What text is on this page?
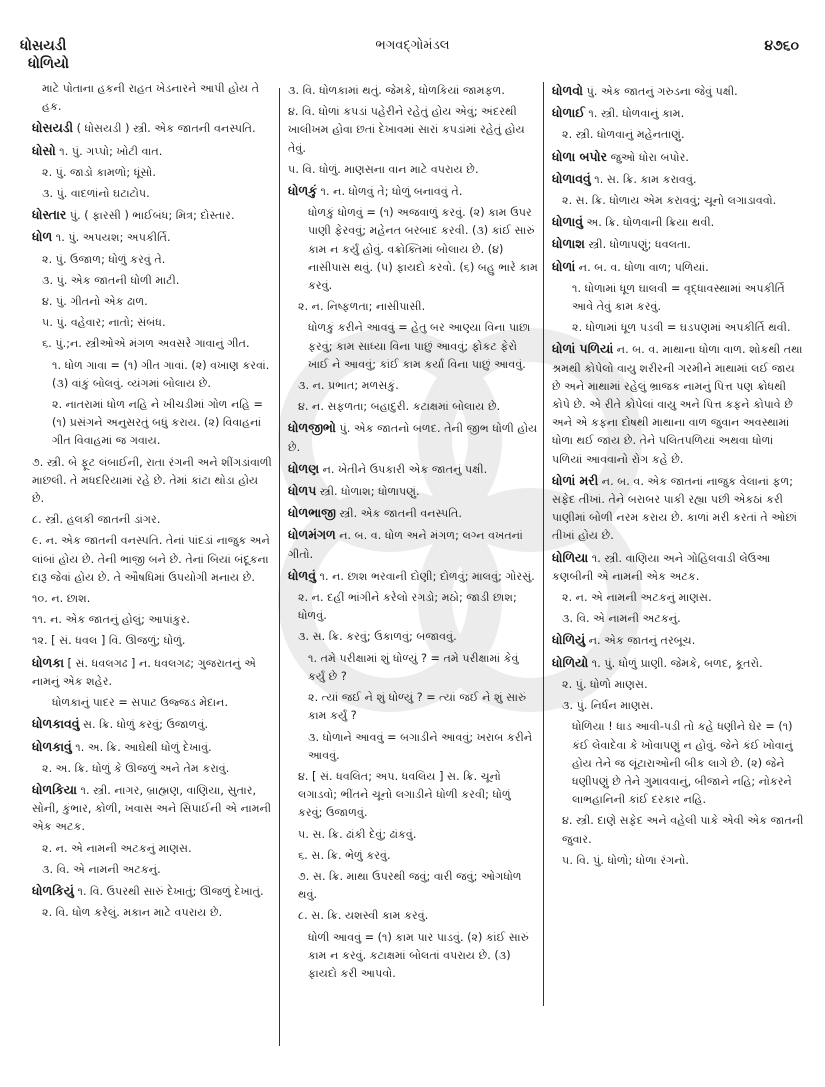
ધોસયડી	ભગવદ્ગોમંડલ	૪૭૬૦
ધોળિયો
માટે પોતાના હકની રાહત ખેડનારને આપી હોય તે હક.
ધોસયડી ( ધોસયડી ) સ્ત્રી. એક જાતની વનસ્પતિ.
ધોસો ૧. પું. ગપ્પો; ખોટી વાત.
૨. પું. જાડો કામળો; ધૂંસો.
૩. પું. વાદળાંનો ઘટાટોપ.
ધોસ્તાર પું. ( ફારસી ) ભાઈબંધ; મિત્ર; દોસ્તાર.
ધોળ ૧. પું. અપયશ; અપકીર્તિ.
૨. પું. ઉજાળ; ધોળું કરવું તે.
૩. પું. એક જાતની ધોળી માટી.
૪. પું. ગીતનો એક ઢાળ.
૫. પું. વહેવાર; નાતો; સંબંધ.
૬. પું.;ન. સ્ત્રીઓએ મંગળ અવસરે ગાવાનું ગીત.
૧. ધોળ ગાવા = (૧) ગીત ગાવાં. (૨) વખાણ કરવાં. (૩) વાંકું બોલવું. વ્યંગમાં બોલાય છે.
૨. નાતરામાં ધોળ નહિ ને ખીચડીમાં ગોળ નહિ = (૧) પ્રસંગને અનુસરતું બધું કરાય. (૨) વિવાહનાં ગીત વિવાહમાં જ ગવાય.
૭. સ્ત્રી. બે ફૂટ લંબાઈની, રાતા રંગની અને શીંગડાંવાળી માછલી. તે મધદરિયામાં રહે છે. તેમાં કાંટા થોડા હોય છે.
૮. સ્ત્રી. હલકી જાતની ડાંગર.
૯. ન. એક જાતની વનસ્પતિ. તેનાં પાંદડાં નાજુક અને લાંબાં હોય છે. તેની ભાજી બને છે. તેનાં બિયાં બંદૂકના દારૂ જેવાં હોય છે. તે ઔષધિમાં ઉપયોગી મનાય છે.
૧૦. ન. છાશ.
૧૧. ન. એક જાતનું હોલું; આપાંકુર.
૧૨. [ સં. ધવલ ] વિ. ઊજળું; ધોળું.
ધોળકા [ સં. ધવલગઢ ] ન. ધવલગઢ; ગુજરાતનું એ નામનું એક શહેર.
ધોળકાનું પાદર = સપાટ ઉજ્જડ મેદાન.
ધોળકાવવું સ. ક્રિ. ધોળું કરવું; ઉજાળવું.
ધોળકાવું ૧. અ. ક્રિ. આઘેથી ધોળું દેખાવું.
૨. અ. ક્રિ. ધોળું કે ઊજળું અને તેમ કરાવું.
ધોળકિયા ૧. સ્ત્રી. નાગર, બ્રાહ્મણ, વાણિયા, સુતાર, સોની, કુંભાર, કોળી, ખવાસ અને સિપાઈની એ નામની એક અટક.
૨. ન. એ નામની અટકનું માણસ.
૩. વિ. એ નામની અટકનું.
ધોળકિયું ૧. વિ. ઉપરથી સારું દેખાતું; ઊજળું દેખાતું.
૨. વિ. ધોળ કરેલું. મકાન માટે વપરાય છે.
૩. વિ. ધોળકામાં થતું. જેમકે, ધોળકિયાં જામફળ.
૪. વિ. ધોળાં કપડાં પહેરીને રહેતું હોય એવું; અંદરથી ખાલીખમ હોવા છતાં દેખાવમાં સારાં કપડાંમાં રહેતું હોય તેવું.
૫. વિ. ધોળું. માણસના વાન માટે વપરાય છે.
ધોળકું ૧. ન. ધોળવું તે; ધોળું બનાવવું તે.
ધોળકું ધોળવું = (૧) અજવાળું કરવું. (૨) કામ ઉપર પાણી ફેરવવું; મહેનત બરબાદ કરવી. (૩) કાંઈ સારું કામ ન કર્યું હોવું. વક્રોક્તિમાં બોલાય છે. (૪) નાસીપાસ થવું. (૫) ફાયદો કરવો. (૬) બહુ ભારે કામ કરવું.
૨. ન. નિષ્ફળતા; નાસીપાસી.
ધોળકું કરીને આવવું = હેતુ બર આણ્યા વિના પાછા ફરવું; કામ સાધ્યા વિના પાછું આવવું; ફોકટ ફેરો ખાઈ ને આવવું; કાંઈ કામ કર્યા વિના પાછું આવવું.
૩. ન. પ્રભાત; મળસકું.
૪. ન. સફળતા; બહાદુરી. કટાક્ષમાં બોલાય છે.
ધોળજીભો પું. એક જાતનો બળદ. તેની જીભ ધોળી હોય છે.
ધોળણ ન. ખેતીને ઉપકારી એક જાતનું પક્ષી.
ધોળપ સ્ત્રી. ધોળાશ; ધોળાપણું.
ધોળભાજી સ્ત્રી. એક જાતની વનસ્પતિ.
ધોળમંગળ ન. બ. વ. ધોળ અને મંગળ; લગ્ન વખતનાં ગીતો.
ધોળવું ૧. ન. છાશ ભરવાની દોણી; દોળવું; માલવું; ગોરસું.
૨. ન. દહીં ભાંગીને કરેલો રગડો; મઠો; જાડી છાશ; ધોળવું.
૩. સ. ક્રિ. કરવું; ઉકાળવું; બજાવવું.
૧. તમે પરીક્ષામાં શું ધોળ્યું ? = તમે પરીક્ષામાં કેવું કર્યું છે ?
૨. ત્યાં જઈ ને શું ધોળ્યું ? = ત્યાં જઈ ને શું સારું કામ કર્યું ?
૩. ધોળાને આવવું = બગાડીને આવવું; ખરાબ કરીને આવવું.
૪. [ સં. ધવલિત; અપ. ધવલિય ] સ. ક્રિ. ચૂનો લગાડવો; ભીંતને ચૂનો લગાડીને ધોળી કરવી; ધોળું કરવું; ઉજાળવું.
૫. સ. ક્રિ. ઢાંકી દેવું; ઢાંકવું.
૬. સ. ક્રિ. ભેળું કરવું.
૭. સ. ક્રિ. માથા ઉપરથી જવું; વારી જવું; ઓગધોળ થવું.
૮. સ. ક્રિ. યશસ્વી કામ કરવું.
ધોળી આવવું = (૧) કામ પાર પાડવું. (૨) કાંઈ સારું કામ ન કરવું. કટાક્ષમાં બોલતાં વપરાય છે. (૩) ફાયદો કરી આપવો.
ધોળવો પું. એક જાતનું ગરુડના જેવું પક્ષી.
ધોળાઈ ૧. સ્ત્રી. ધોળવાનું કામ.
૨. સ્ત્રી. ધોળવાનું મહેનતાણું.
ધોળા બપોર જુઓ ધોરા બપોર.
ધોળાવવું ૧. સ. ક્રિ. કામ કરાવવું.
૨. સ. ક્રિ. ધોળાય એમ કરાવવું; ચૂનો લગાડાવવો.
ધોળાવું અ. ક્રિ. ધોળવાની ક્રિયા થવી.
ધોળાશ સ્ત્રી. ધોળાપણું; ધવલતા.
ધોળાં ન. બ. વ. ધોળા વાળ; પળિયાં.
૧. ધોળામાં ધૂળ ઘાલવી = વૃદ્ધાવસ્થામાં અપકીર્તિ આવે તેવું કામ કરવું.
૨. ધોળામાં ધૂળ પડવી = ઘડપણમાં અપકીર્તિ થવી.
ધોળાં પળિયાં ન. બ. વ. માથાના ધોળા વાળ. શોકથી તથા શ્રમથી કોપેલો વાયુ શરીરની ગરમીને માથામાં લઈ જાય છે અને માથામાં રહેલું ભ્રાજક નામનું પિત્ત પણ ક્રોધથી કોપે છે. એ રીતે કોપેલાં વાયુ અને પિત્ત કફને કોપાવે છે અને એ કફના દોષથી માથાના વાળ જુવાન અવસ્થામાં ધોળા થઈ જાય છે. તેને પલિતપળિયાં અથવા ધોળાં પળિયાં આવવાનો રોગ કહે છે.
ધોળાં મરી ન. બ. વ. એક જાતનાં નાજુક વેલાનાં ફળ; સફેદ તીખાં. તેને બરાબર પાકી રહ્યા પછી એકઠાં કરી પાણીમાં બોળી નરમ કરાય છે. કાળાં મરી કરતાં તે ઓછાં તીખાં હોય છે.
ધોળિયા ૧. સ્ત્રી. વાણિયા અને ગોહિલવાડી લેઉઆ કણબીની એ નામની એક અટક.
૨. ન. એ નામની અટકનું માણસ.
૩. વિ. એ નામની અટકનું.
ધોળિયું ન. એક જાતનું તરબૂચ.
ધોળિયો ૧. પું. ધોળું પ્રાણી. જેમકે, બળદ, કૂતરો.
૨. પું. ધોળો માણસ.
૩. પું. નિર્ધન માણસ.
ધોળિયા ! ધાડ આવી-પડી તો કહે ધણીને ઘેર = (૧) કંઈ લેવાદેવા કે ખોવાપણું ન હોવું. જેને કંઈ ખોવાનું હોય તેને જ લૂંટારાઓની બીક લાગે છે. (૨) જેને ધણીપણું છે તેને ગુમાવવાનું, બીજાને નહિ; નોકરને લાભહાનિની કાંઈ દરકાર નહિ.
૪. સ્ત્રી. દાણે સફેદ અને વહેલી પાકે એવી એક જાતની જુવાર.
૫. વિ. પું. ધોળો; ધોળા રંગનો.
